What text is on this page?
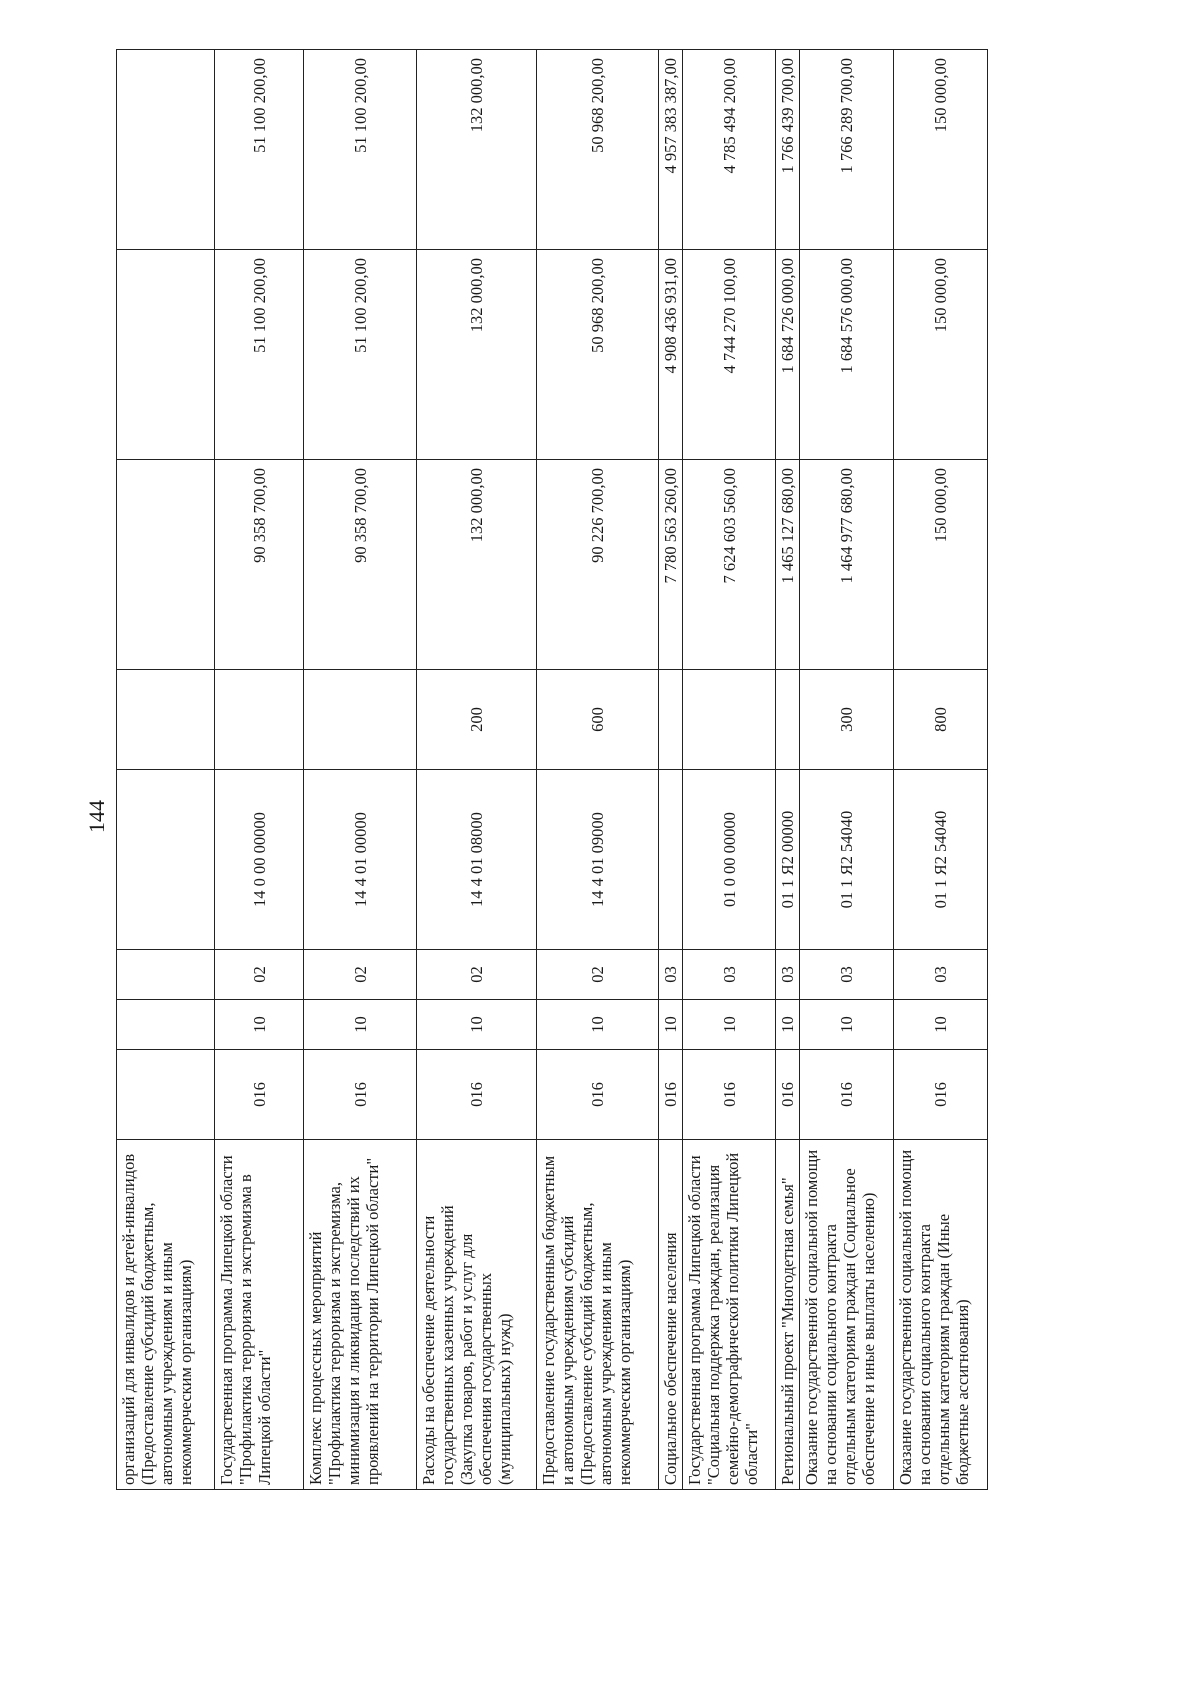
144
организаций для инвалидов и детей-инвалидов (Предоставление субсидий бюджетным, автономным учреждениям и иным некоммерческим организациям)								
Государственная программа Липецкой области "Профилактика терроризма и экстремизма в Липецкой области"	016	10	02	14 0 00 00000		90 358 700,00	51 100 200,00	51 100 200,00
Комплекс процессных мероприятий "Профилактика терроризма и экстремизма, минимизация и ликвидация последствий их проявлений на территории Липецкой области"	016	10	02	14 4 01 00000		90 358 700,00	51 100 200,00	51 100 200,00
Расходы на обеспечение деятельности государственных казенных учреждений (Закупка товаров, работ и услуг для обеспечения государственных (муниципальных) нужд)	016	10	02	14 4 01 08000	200	132 000,00	132 000,00	132 000,00
Предоставление государственным бюджетным и автономным учреждениям субсидий (Предоставление субсидий бюджетным, автономным учреждениям и иным некоммерческим организациям)	016	10	02	14 4 01 09000	600	90 226 700,00	50 968 200,00	50 968 200,00
Социальное обеспечение населения	016	10	03			7 780 563 260,00	4 908 436 931,00	4 957 383 387,00
Государственная программа Липецкой области "Социальная поддержка граждан, реализация семейно-демографической политики Липецкой области"	016	10	03	01 0 00 00000		7 624 603 560,00	4 744 270 100,00	4 785 494 200,00
Региональный проект "Многодетная семья"	016	10	03	01 1 Я2 00000		1 465 127 680,00	1 684 726 000,00	1 766 439 700,00
Оказание государственной социальной помощи на основании социального контракта отдельным категориям граждан (Социальное обеспечение и иные выплаты населению)	016	10	03	01 1 Я2 54040	300	1 464 977 680,00	1 684 576 000,00	1 766 289 700,00
Оказание государственной социальной помощи на основании социального контракта отдельным категориям граждан (Иные бюджетные ассигнования)	016	10	03	01 1 Я2 54040	800	150 000,00	150 000,00	150 000,00
